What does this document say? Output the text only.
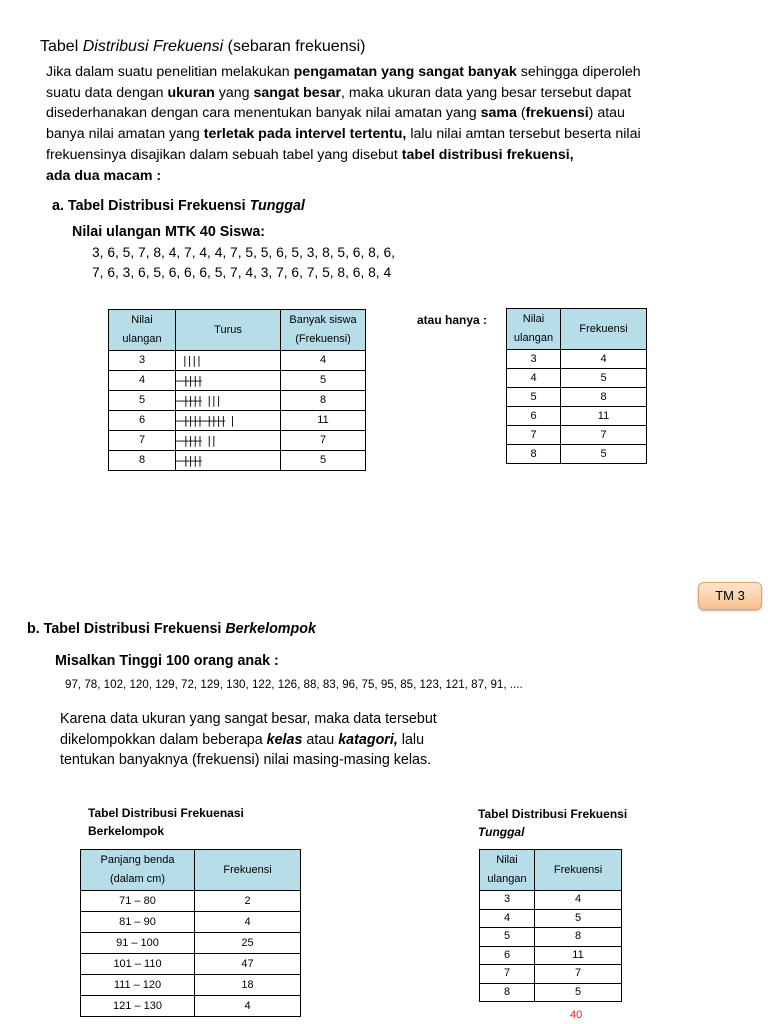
Tabel Distribusi Frekuensi (sebaran frekuensi)

Jika dalam suatu penelitian melakukan pengamatan yang sangat banyak sehingga diperoleh

suatu data dengan ukuran yang sangat besar, maka ukuran data yang besar tersebut dapat

disederhanakan dengan cara menentukan banyak nilai amatan yang sama (frekuensi) atau

banya nilai amatan yang terletak pada intervel tertentu, lalu nilai amtan tersebut beserta nilai

frekuensinya disajikan dalam sebuah tabel yang disebut tabel distribusi frekuensi,

ada dua macam :

a. Tabel Distribusi Frekuensi Tunggal
Nilai ulangan MTK 40 Siswa:
3, 6, 5, 7, 8, 4, 7, 4, 4, 7, 5, 5, 6, 5, 3, 8, 5, 6, 8, 6,
7, 6, 3, 6, 5, 6, 6, 6, 5, 7, 4, 3, 7, 6, 7, 5, 8, 6, 8, 4
Nilai
ulangan	Turus	Banyak siswa
(Frekuensi)
3	||||	4
4	̶|̶|̶|̶|̶	5
5	̶|̶|̶|̶|̶ |||	8
6	̶|̶|̶|̶|̶ ̶|̶|̶|̶|̶ |	11
7	̶|̶|̶|̶|̶ ||	7
8	̶|̶|̶|̶|̶	5
atau hanya :	Nilai
ulangan	Frekuensi
3	4
4	5
5	8
6	11
7	7
8	5
TM 3
b. Tabel Distribusi Frekuensi Berkelompok
Misalkan Tinggi 100 orang anak :
97, 78, 102, 120, 129, 72, 129, 130, 122, 126, 88, 83, 96, 75, 95, 85, 123, 121, 87, 91, ....
Karena data ukuran yang sangat besar, maka data tersebut
dikelompokkan dalam beberapa kelas atau katagori, lalu
tentukan banyaknya (frekuensi) nilai masing-masing kelas.
Tabel Distribusi Frekuenasi
Berkelompok
Panjang benda
(dalam cm)	Frekuensi
71 – 80	2
81 – 90	4
91 – 100	25
101 – 110	47
111 – 120	18
121 – 130	4
Tabel Distribusi Frekuensi
Tunggal
Nilai
ulangan	Frekuensi
3	4
4	5
5	8
6	11
7	7
8	5
40
